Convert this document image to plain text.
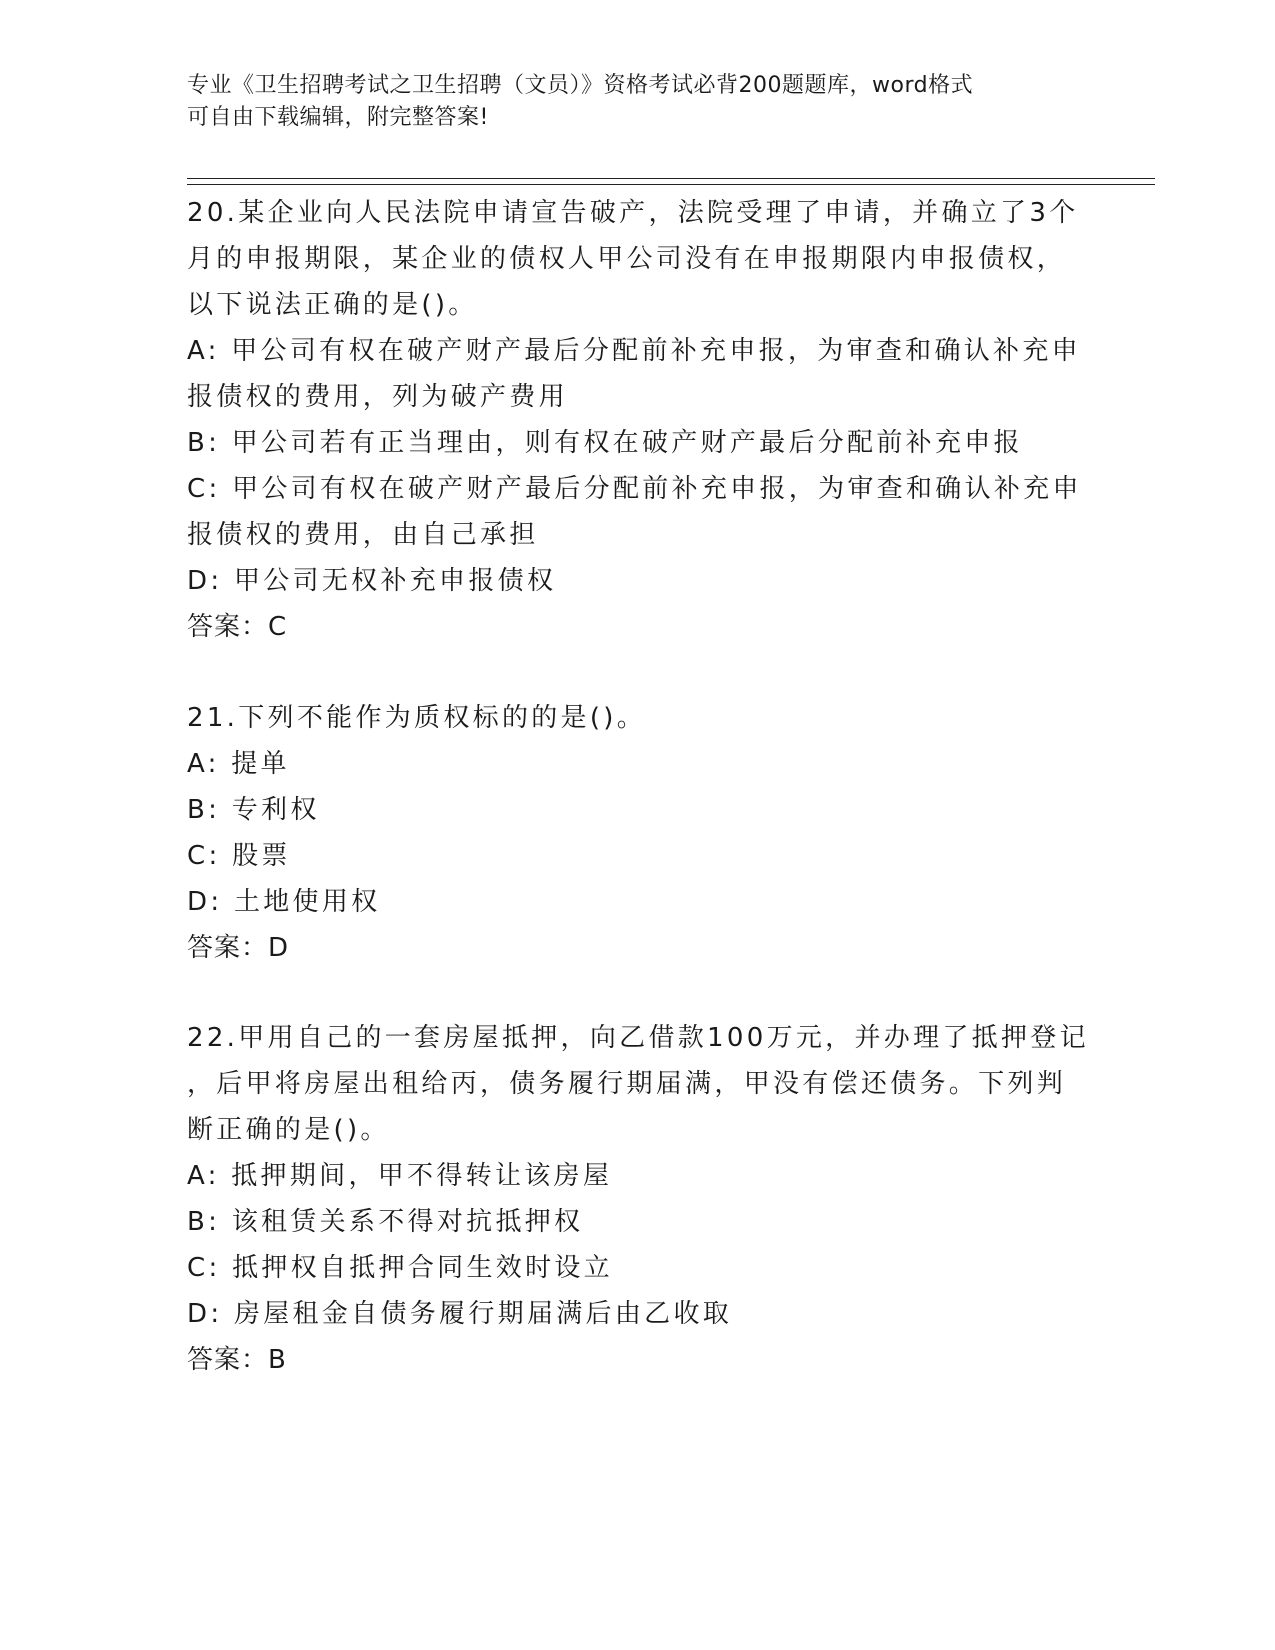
专业《卫生招聘考试之卫生招聘（文员）》资格考试必背200题题库，word格式
可自由下载编辑，附完整答案!
20.某企业向人民法院申请宣告破产，法院受理了申请，并确立了3个
月的申报期限，某企业的债权人甲公司没有在申报期限内申报债权，
以下说法正确的是()。
A: 甲公司有权在破产财产最后分配前补充申报，为审查和确认补充申
报债权的费用，列为破产费用
B: 甲公司若有正当理由，则有权在破产财产最后分配前补充申报
C: 甲公司有权在破产财产最后分配前补充申报，为审查和确认补充申
报债权的费用，由自己承担
D: 甲公司无权补充申报债权
答案：C
21.下列不能作为质权标的的是()。
A: 提单
B: 专利权
C: 股票
D: 土地使用权
答案：D
22.甲用自己的一套房屋抵押，向乙借款100万元，并办理了抵押登记
，后甲将房屋出租给丙，债务履行期届满，甲没有偿还债务。下列判
断正确的是()。
A: 抵押期间，甲不得转让该房屋
B: 该租赁关系不得对抗抵押权
C: 抵押权自抵押合同生效时设立
D: 房屋租金自债务履行期届满后由乙收取
答案：B
